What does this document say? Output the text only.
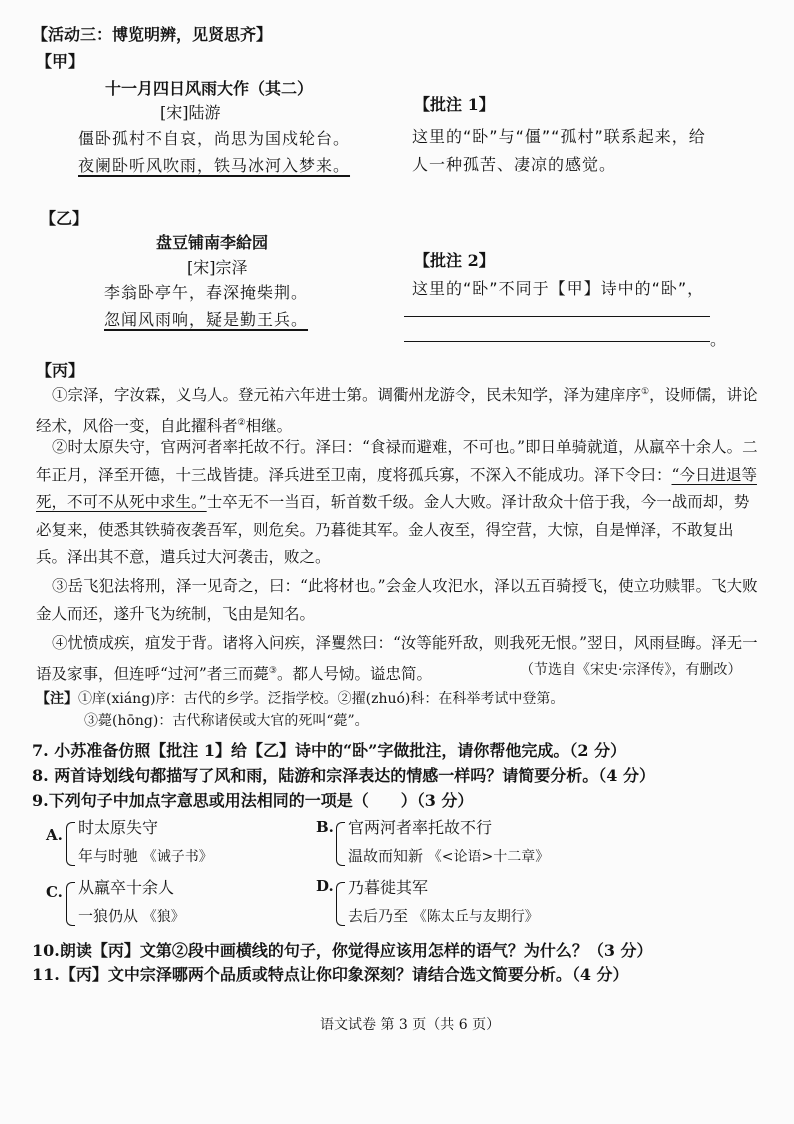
【活动三：博览明辨，见贤思齐】
【甲】
十一月四日风雨大作（其二）
[宋]陆游
僵卧孤村不自哀，尚思为国戍轮台。
夜阑卧听风吹雨，铁马冰河入梦来。
【批注 1】
这里的“卧”与“僵”“孤村”联系起来，给
人一种孤苦、凄凉的感觉。
【乙】
盘豆铺南李給园
[宋]宗泽
李翁卧亭午，春深掩柴荆。
忽闻风雨响，疑是勤王兵。
【批注 2】
这里的“卧”不同于【甲】诗中的“卧”，
。
【丙】
①宗泽，字汝霖，义乌人。登元祐六年进士第。调衢州龙游令，民未知学，泽为建庠序①，设师儒，讲论经术，风俗一变，自此擢科者②相继。
②时太原失守，官两河者率托故不行。泽曰：“食禄而避难，不可也。”即日单骑就道，从羸卒十余人。二年正月，泽至开德，十三战皆捷。泽兵进至卫南，度将孤兵寡，不深入不能成功。泽下令曰：“今日进退等死，不可不从死中求生。”士卒无不一当百，斩首数千级。金人大败。泽计敌众十倍于我，今一战而却，势必复来，使悉其铁骑夜袭吾军，则危矣。乃暮徙其军。金人夜至，得空营，大惊，自是惮泽，不敢复出兵。泽出其不意，遣兵过大河袭击，败之。
③岳飞犯法将刑，泽一见奇之，曰：“此将材也。”会金人攻汜水，泽以五百骑授飞，使立功赎罪。飞大败金人而还，遂升飞为统制，飞由是知名。
④忧愤成疾，疽发于背。诸将入问疾，泽矍然曰：“汝等能歼敌，则我死无恨。”翌日，风雨昼晦。泽无一语及家事，但连呼“过河”者三而薨③。都人号恸。谥忠简。	（节选自《宋史·宗泽传》，有删改）
【注】①庠(xiáng)序：古代的乡学。泛指学校。②擢(zhuó)科：在科举考试中登第。
③薨(hōng)：古代称诸侯或大官的死叫“薨”。
7. 小苏准备仿照【批注 1】给【乙】诗中的“卧”字做批注，请你帮他完成。（2 分）
8. 两首诗划线句都描写了风和雨，陆游和宗泽表达的情感一样吗？请简要分析。（4 分）
9.下列句子中加点字意思或用法相同的一项是（　　）（3 分）
A. 时太原失守
年与时驰 《诫子书》
B. 官两河者率托故不行
温故而知新 《<论语>十二章》
C. 从羸卒十余人
一狼仍从 《狼》
D. 乃暮徙其军
去后乃至 《陈太丘与友期行》
10.朗读【丙】文第②段中画横线的句子，你觉得应该用怎样的语气？为什么？（3 分）
11.【丙】文中宗泽哪两个品质或特点让你印象深刻？请结合选文简要分析。（4 分）
语文试卷 第 3 页（共 6 页）
